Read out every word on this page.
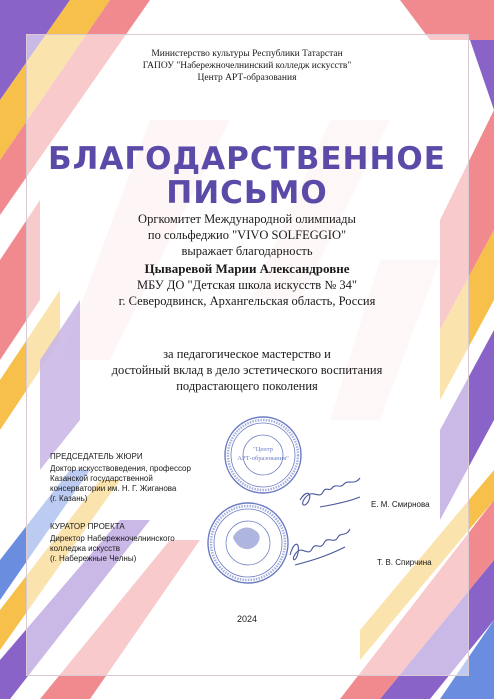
Министерство культуры Республики Татарстан
ГАПОУ "Набережночелнинский колледж искусств"
Центр АРТ-образования
БЛАГОДАРСТВЕННОЕ
ПИСЬМО
Оргкомитет Международной олимпиады
по сольфеджио "VIVO SOLFEGGIO"
выражает благодарность
Цываревой Марии Александровне
МБУ ДО "Детская школа искусств № 34"
г. Северодвинск, Архангельская область, Россия
за педагогическое мастерство и
достойный вклад в дело эстетического воспитания
подрастающего поколения
"Центр
АРТ-образования"
ПРЕДСЕДАТЕЛЬ ЖЮРИ
Доктор искусствоведения, профессор
Казанской государственной
консерватории им. Н. Г. Жиганова
(г. Казань)
Е. М. Смирнова
КУРАТОР ПРОЕКТА
Директор Набережночелнинского
колледжа искусств
(г. Набережные Челны)	Т. В. Спирчина
2024
